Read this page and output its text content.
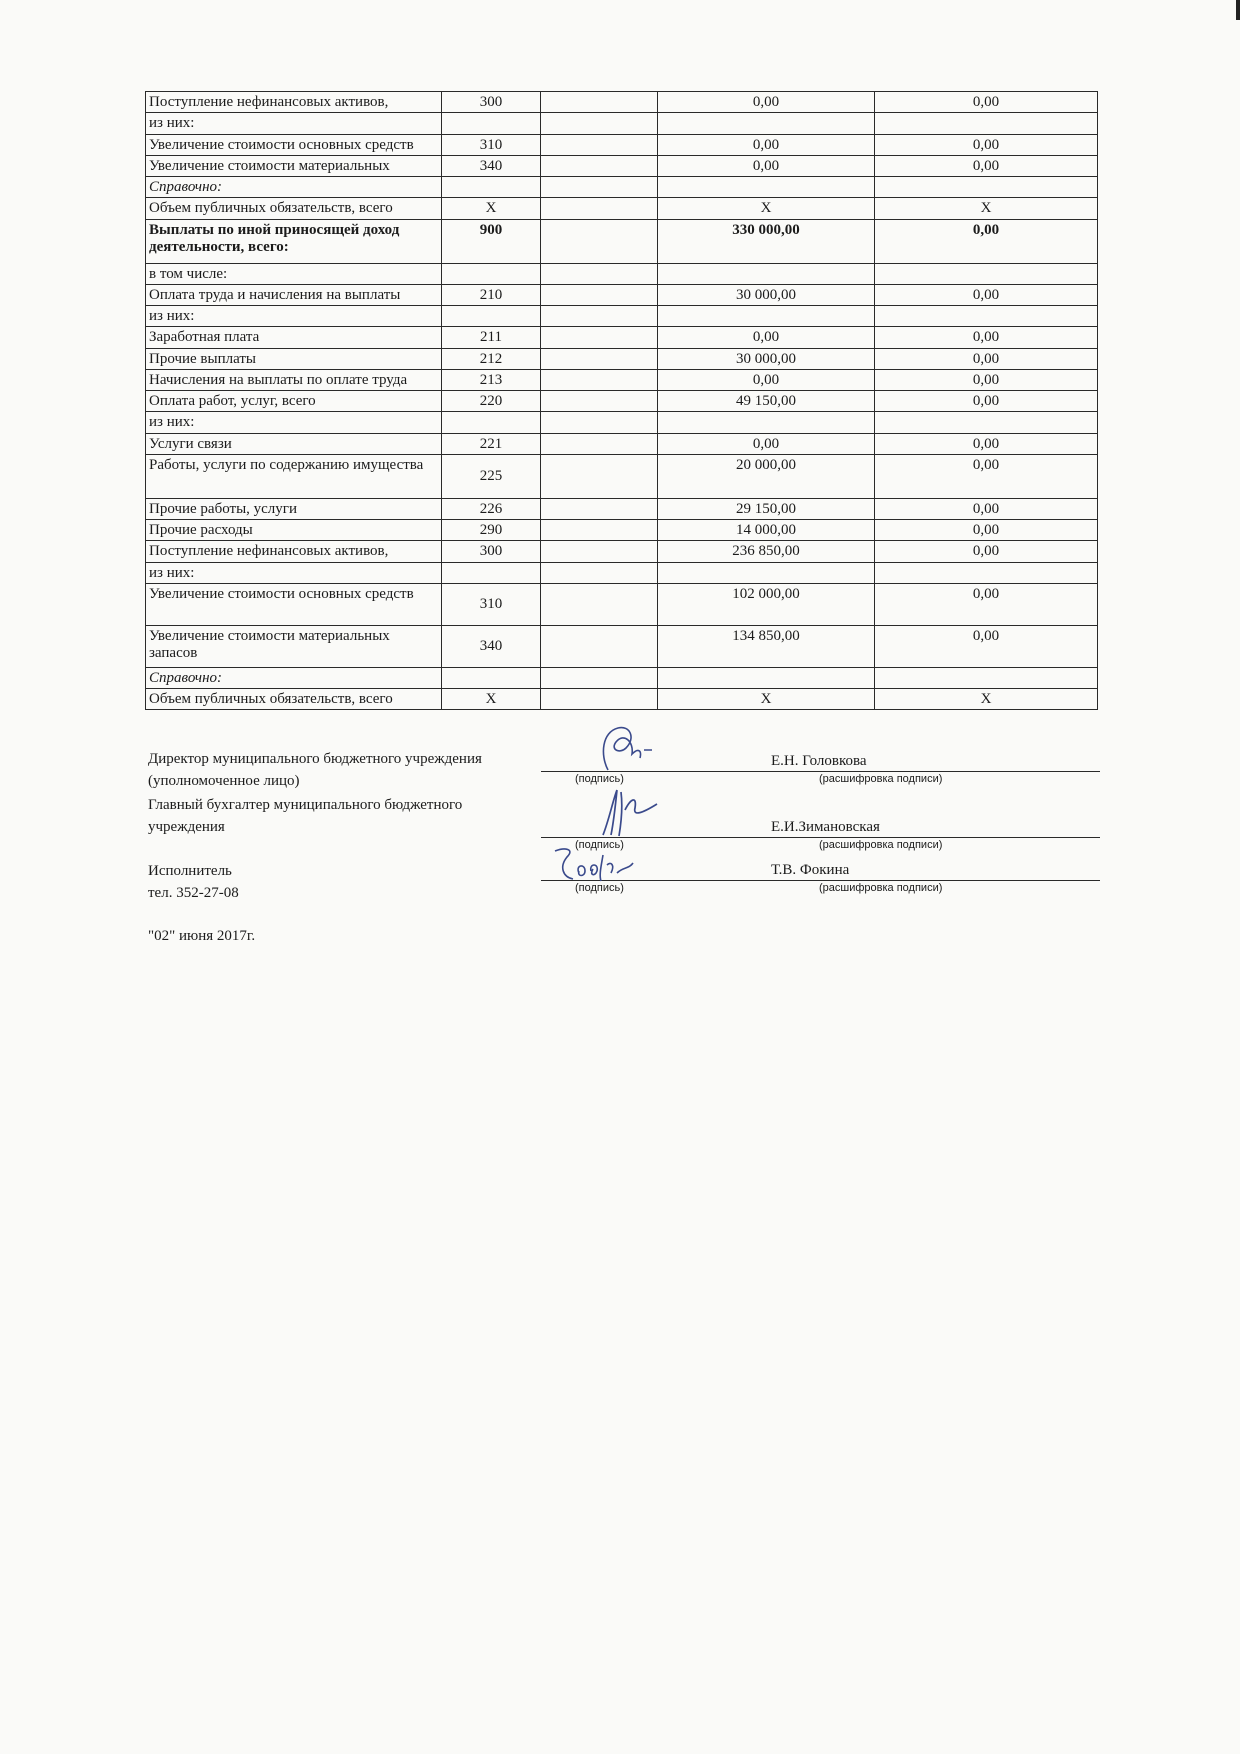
Поступление нефинансовых активов,	300		0,00	0,00
из них:				
Увеличение стоимости основных средств	310		0,00	0,00
Увеличение стоимости материальных	340		0,00	0,00
Справочно:				
Объем публичных обязательств, всего	X		X	X
Выплаты по иной приносящей доход деятельности, всего:	900		330 000,00	0,00
в том числе:				
Оплата труда и начисления на выплаты	210		30 000,00	0,00
из них:				
Заработная плата	211		0,00	0,00
Прочие выплаты	212		30 000,00	0,00
Начисления на выплаты по оплате труда	213		0,00	0,00
Оплата работ, услуг, всего	220		49 150,00	0,00
из них:				
Услуги связи	221		0,00	0,00
Работы, услуги по содержанию имущества	225		20 000,00	0,00
Прочие работы, услуги	226		29 150,00	0,00
Прочие расходы	290		14 000,00	0,00
Поступление нефинансовых активов,	300		236 850,00	0,00
из них:				
Увеличение стоимости основных средств	310		102 000,00	0,00
Увеличение стоимости материальных запасов	340		134 850,00	0,00
Справочно:				
Объем публичных обязательств, всего	X		X	X
Директор муниципального бюджетного учреждения
(уполномоченное лицо)
Главный бухгалтер муниципального бюджетного
учреждения
Исполнитель
тел. 352-27-08
Е.Н. Головкова
(подпись)	(расшифровка подписи)
Е.И.Зимановская
(подпись)	(расшифровка подписи)
Т.В. Фокина
(подпись)	(расшифровка подписи)
"02" июня 2017г.
